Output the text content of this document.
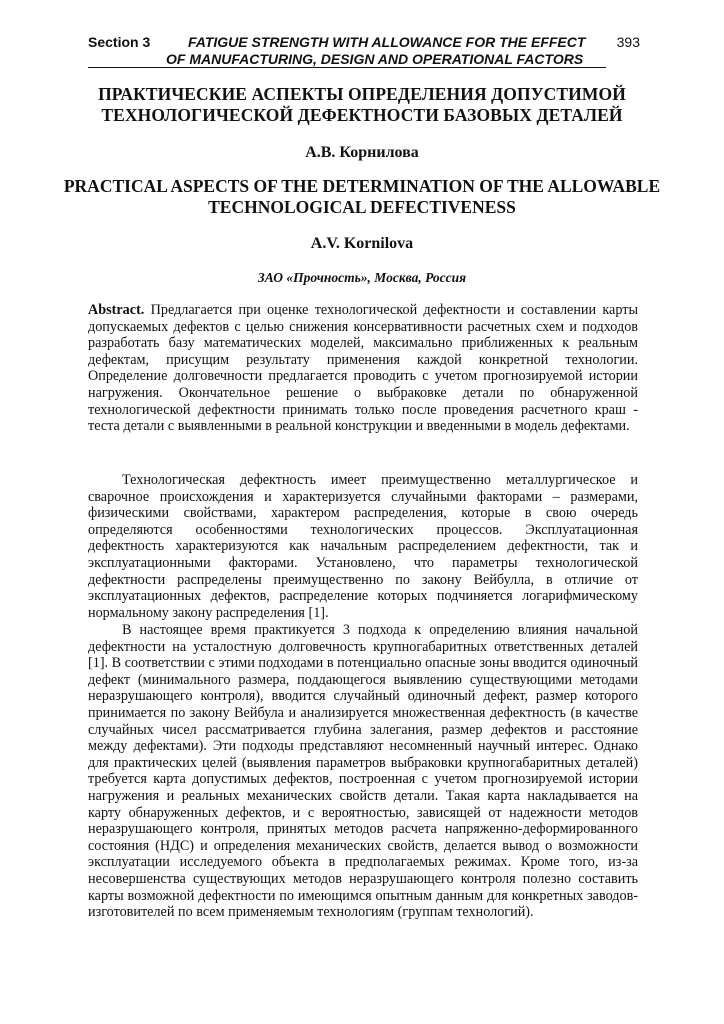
Section 3	FATIGUE STRENGTH WITH ALLOWANCE FOR THE EFFECT 393
OF MANUFACTURING, DESIGN AND OPERATIONAL FACTORS
ПРАКТИЧЕСКИЕ АСПЕКТЫ ОПРЕДЕЛЕНИЯ ДОПУСТИМОЙ ТЕХНОЛОГИЧЕСКОЙ ДЕФЕКТНОСТИ БАЗОВЫХ ДЕТАЛЕЙ
А.В. Корнилова
PRACTICAL ASPECTS OF THE DETERMINATION OF THE ALLOWABLE TECHNOLOGICAL DEFECTIVENESS
A.V. Kornilova
ЗАО «Прочность», Москва, Россия
Abstract. Предлагается при оценке технологической дефектности и составлении карты допускаемых дефектов с целью снижения консервативности расчетных схем и подходов разработать базу математических моделей, максимально приближенных к реальным дефектам, присущим результату применения каждой конкретной технологии. Определение долговечности предлагается проводить с учетом прогнозируемой истории нагружения. Окончательное решение о выбраковке детали по обнаруженной технологической дефектности принимать только после проведения расчетного краш - теста детали с выявленными в реальной конструкции и введенными в модель дефектами.
Технологическая дефектность имеет преимущественно металлургическое и сварочное происхождения и характеризуется случайными факторами – размерами, физическими свойствами, характером распределения, которые в свою очередь определяются особенностями технологических процессов. Эксплуатационная дефектность характеризуются как начальным распределением дефектности, так и эксплуатационными факторами. Установлено, что параметры технологической дефектности распределены преимущественно по закону Вейбулла, в отличие от эксплуатационных дефектов, распределение которых подчиняется логарифмическому нормальному закону распределения [1].
В настоящее время практикуется 3 подхода к определению влияния начальной дефектности на усталостную долговечность крупногабаритных ответственных деталей [1]. В соответствии с этими подходами в потенциально опасные зоны вводится одиночный дефект (минимального размера, поддающегося выявлению существующими методами неразрушающего контроля), вводится случайный одиночный дефект, размер которого принимается по закону Вейбула и анализируется множественная дефектность (в качестве случайных чисел рассматривается глубина залегания, размер дефектов и расстояние между дефектами). Эти подходы представляют несомненный научный интерес. Однако для практических целей (выявления параметров выбраковки крупногабаритных деталей) требуется карта допустимых дефектов, построенная с учетом прогнозируемой истории нагружения и реальных механических свойств детали. Такая карта накладывается на карту обнаруженных дефектов, и с вероятностью, зависящей от надежности методов неразрушающего контроля, принятых методов расчета напряженно-деформированного состояния (НДС) и определения механических свойств, делается вывод о возможности эксплуатации исследуемого объекта в предполагаемых режимах. Кроме того, из-за несовершенства существующих методов неразрушающего контроля полезно составить карты возможной дефектности по имеющимся опытным данным для конкретных заводов-изготовителей по всем применяемым технологиям (группам технологий).
